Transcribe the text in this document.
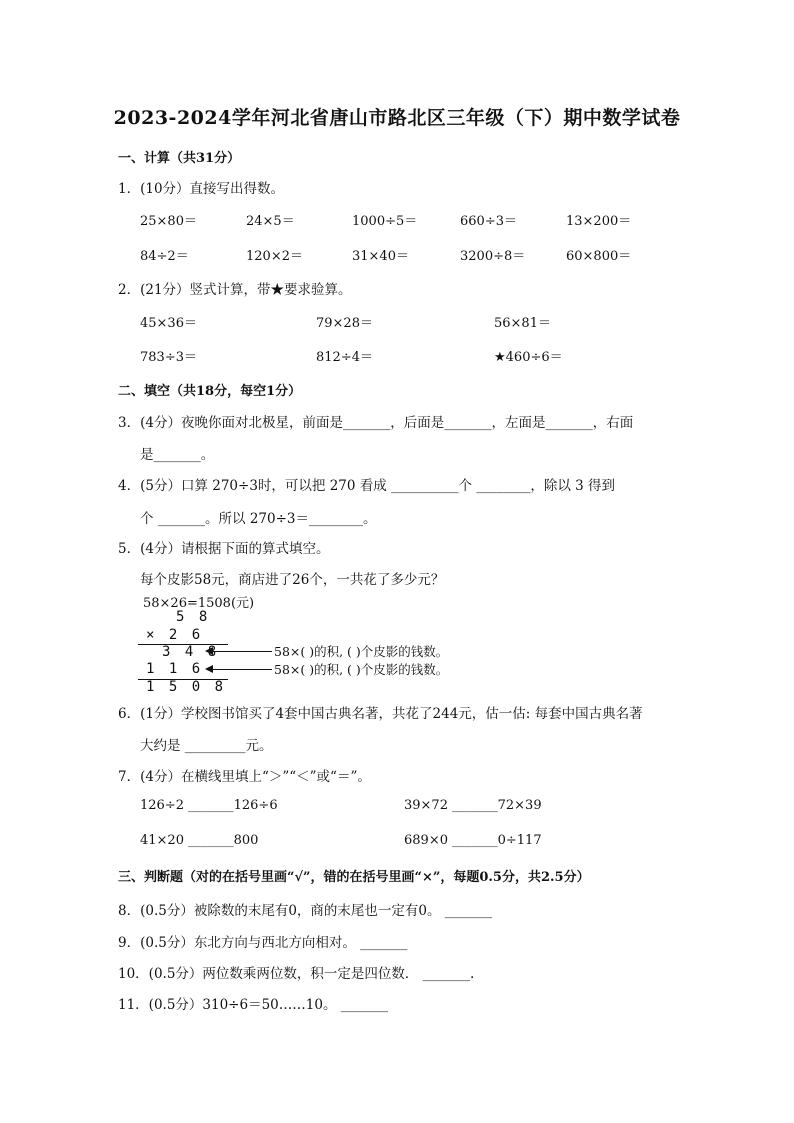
2023-2024学年河北省唐山市路北区三年级（下）期中数学试卷
一、计算（共31分）
1．(10分）直接写出得数。
25×80＝	24×5＝	1000÷5＝	660÷3＝	13×200＝
84÷2＝	120×2＝	31×40＝	3200÷8＝	60×800＝
2．(21分）竖式计算，带★要求验算。
45×36＝	79×28＝	56×81＝
783÷3＝	812÷4＝	★460÷6＝
二、填空（共18分，每空1分）
3．(4分）夜晚你面对北极星，前面是_______，后面是_______，左面是_______，右面
是_______。
4．(5分）口算 270÷3时，可以把 270 看成 __________个 ________，除以 3 得到
个 _______。所以 270÷3＝________。
5．(4分）请根据下面的算式填空。
每个皮影58元，商店进了26个，一共花了多少元？
58×26=1508(元)
5 8
× 2 6
3 4 8
1 1 6
1 5 0 8
58×( )的积, ( )个皮影的钱数。
58×( )的积, ( )个皮影的钱数。
6．(1分）学校图书馆买了4套中国古典名著，共花了244元，估一估: 每套中国古典名著
大约是 _________元。
7．(4分）在横线里填上“＞”“＜”或“＝”。
126÷2 _______126÷6	39×72 _______72×39
41×20 _______800	689×0 _______0÷117
三、判断题（对的在括号里画“√”，错的在括号里画“×”，每题0.5分，共2.5分）
8．(0.5分）被除数的末尾有0，商的末尾也一定有0。 _______
9．(0.5分）东北方向与西北方向相对。 _______
10．(0.5分）两位数乘两位数，积一定是四位数． _______.
11．(0.5分）310÷6＝50……10。 _______
